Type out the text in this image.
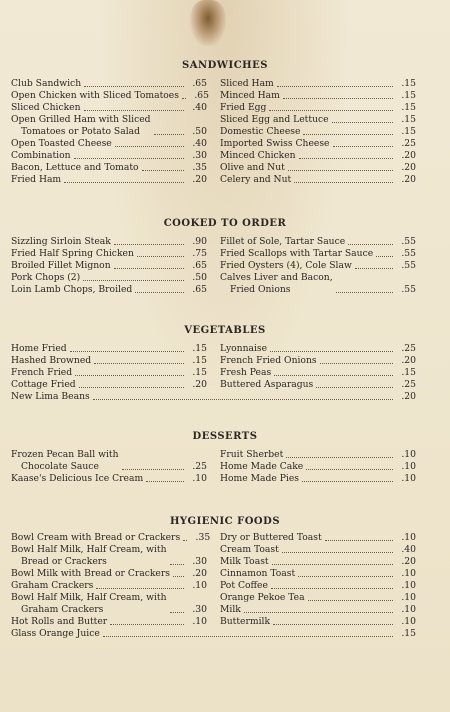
SANDWICHES
Club Sandwich	.65
Open Chicken with Sliced Tomatoes	.65
Sliced Chicken	.40
Open Grilled Ham with Sliced
Tomatoes or Potato Salad	.50
Open Toasted Cheese	.40
Combination	.30
Bacon, Lettuce and Tomato	.35
Fried Ham	.20
Sliced Ham	.15
Minced Ham	.15
Fried Egg	.15
Sliced Egg and Lettuce	.15
Domestic Cheese	.15
Imported Swiss Cheese	.25
Minced Chicken	.20
Olive and Nut	.20
Celery and Nut	.20
COOKED TO ORDER
Sizzling Sirloin Steak	.90
Fried Half Spring Chicken	.75
Broiled Fillet Mignon	.65
Pork Chops (2)	.50
Loin Lamb Chops, Broiled	.65
Fillet of Sole, Tartar Sauce	.55
Fried Scallops with Tartar Sauce	.55
Fried Oysters (4), Cole Slaw	.55
Calves Liver and Bacon,
Fried Onions	.55
VEGETABLES
Home Fried	.15
Hashed Browned	.15
French Fried	.15
Cottage Fried	.20
Lyonnaise	.25
French Fried Onions	.20
Fresh Peas	.15
Buttered Asparagus	.25
New Lima Beans	.20
DESSERTS
Frozen Pecan Ball with
Chocolate Sauce	.25
Kaase's Delicious Ice Cream	.10
Fruit Sherbet	.10
Home Made Cake	.10
Home Made Pies	.10
HYGIENIC FOODS
Bowl Cream with Bread or Crackers	.35
Bowl Half Milk, Half Cream, with
Bread or Crackers	.30
Bowl Milk with Bread or Crackers	.20
Graham Crackers	.10
Bowl Half Milk, Half Cream, with
Graham Crackers	.30
Hot Rolls and Butter	.10
Dry or Buttered Toast	.10
Cream Toast	.40
Milk Toast	.20
Cinnamon Toast	.10
Pot Coffee	.10
Orange Pekoe Tea	.10
Milk	.10
Buttermilk	.10
Glass Orange Juice	.15
